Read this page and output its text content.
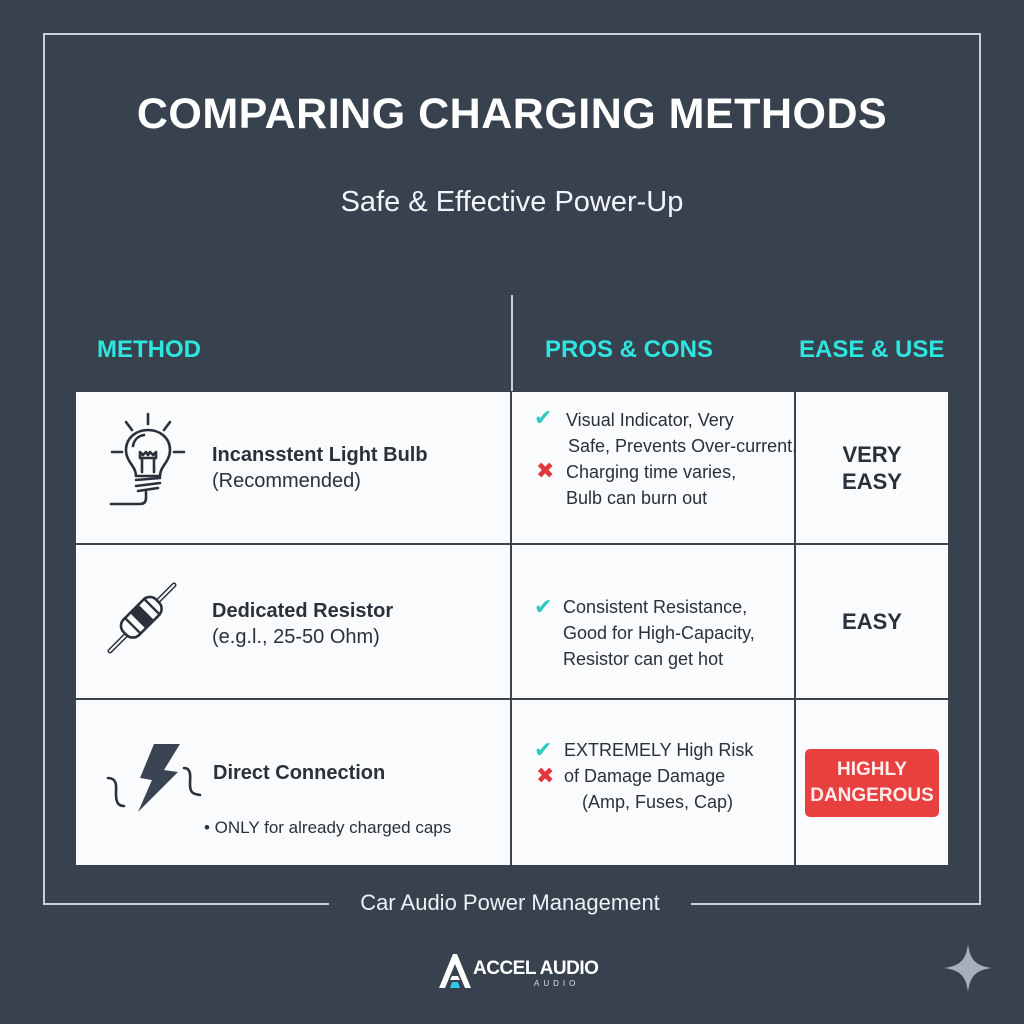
COMPARING CHARGING METHODS
Safe & Effective Power-Up
METHOD	PROS & CONS	EASE & USE
Incansstent Light Bulb
(Recommended)
✔ Visual Indicator, Very
Safe, Prevents Over-current.
✖ Charging time varies,
Bulb can burn out
VERY
EASY
Dedicated Resistor
(e.g.l., 25-50 Ohm)
✔ Consistent Resistance,
Good for High-Capacity,
Resistor can get hot
EASY
Direct Connection
• ONLY for already charged caps
✔ EXTREMELY High Risk
✖ of Damage Damage
(Amp, Fuses, Cap)
HIGHLY
DANGEROUS
Car Audio Power Management
ACCEL AUDIO
AUDIO
